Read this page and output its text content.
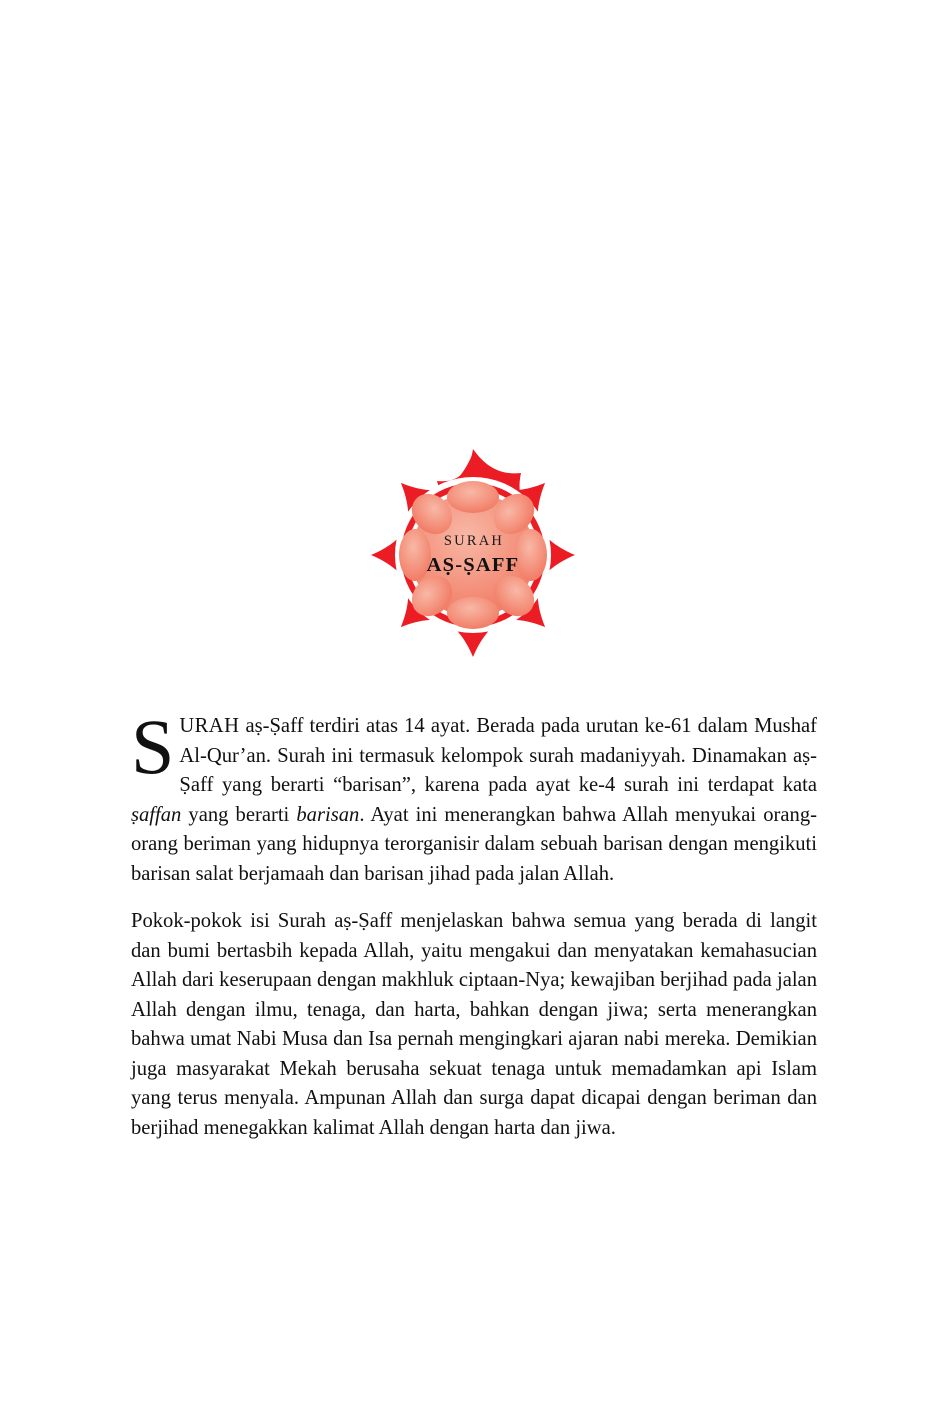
SURAH
AṢ-ṢAFF

SURAH aṣ-Ṣaff terdiri atas 14 ayat. Berada pada urutan ke-61 dalam Mushaf Al-Qur’an. Surah ini termasuk kelompok surah madaniyyah. Dinamakan aṣ-Ṣaff yang berarti “barisan”, karena pada ayat ke-4 surah ini terdapat kata ṣaffan yang berarti barisan. Ayat ini menerangkan bahwa Allah menyukai orang-orang beriman yang hidupnya terorganisir dalam sebuah barisan dengan mengikuti barisan salat berjamaah dan barisan jihad pada jalan Allah.

Pokok-pokok isi Surah aṣ-Ṣaff menjelaskan bahwa semua yang berada di langit dan bumi bertasbih kepada Allah, yaitu mengakui dan menyatakan kemahasucian Allah dari keserupaan dengan makhluk ciptaan-Nya; kewajiban berjihad pada jalan Allah dengan ilmu, tenaga, dan harta, bahkan dengan jiwa; serta menerangkan bahwa umat Nabi Musa dan Isa pernah mengingkari ajaran nabi mereka. Demikian juga masyarakat Mekah berusaha sekuat tenaga untuk memadamkan api Islam yang terus menyala. Ampunan Allah dan surga dapat dicapai dengan beriman dan berjihad menegakkan kalimat Allah dengan harta dan jiwa.
